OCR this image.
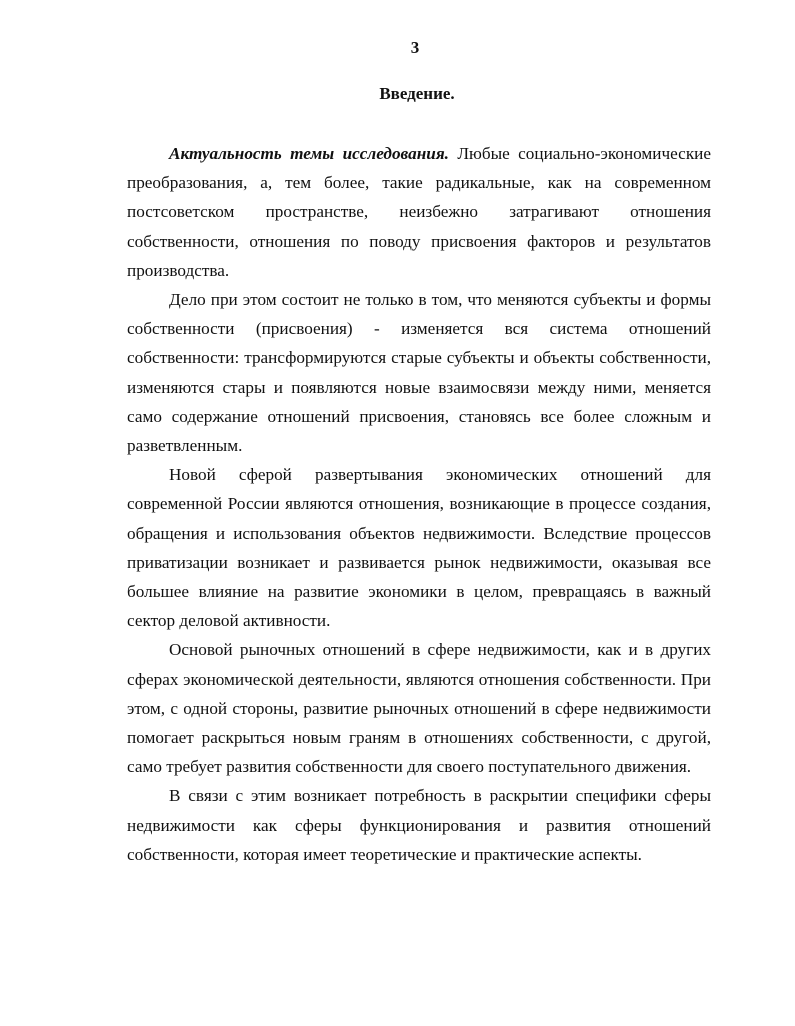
3
Введение.

Актуальность темы исследования. Любые социально-экономические преобразования, а, тем более, такие радикальные, как на современном постсоветском пространстве, неизбежно затрагивают отношения собственности, отношения по поводу присвоения факторов и результатов производства.

Дело при этом состоит не только в том, что меняются субъекты и формы собственности (присвоения) - изменяется вся система отношений собственности: трансформируются старые субъекты и объекты собственности, изменяются стары и появляются новые взаимосвязи между ними, меняется само содержание отношений присвоения, становясь все более сложным и разветвленным.

Новой сферой развертывания экономических отношений для современной России являются отношения, возникающие в процессе создания, обращения и использования объектов недвижимости. Вследствие процессов приватизации возникает и развивается рынок недвижимости, оказывая все большее влияние на развитие экономики в целом, превращаясь в важный сектор деловой активности.

Основой рыночных отношений в сфере недвижимости, как и в других сферах экономической деятельности, являются отношения собственности. При этом, с одной стороны, развитие рыночных отношений в сфере недвижимости помогает раскрыться новым граням в отношениях собственности, с другой, само требует развития собственности для своего поступательного движения.

В связи с этим возникает потребность в раскрытии специфики сферы недвижимости как сферы функционирования и развития отношений собственности, которая имеет теоретические и практические аспекты.
